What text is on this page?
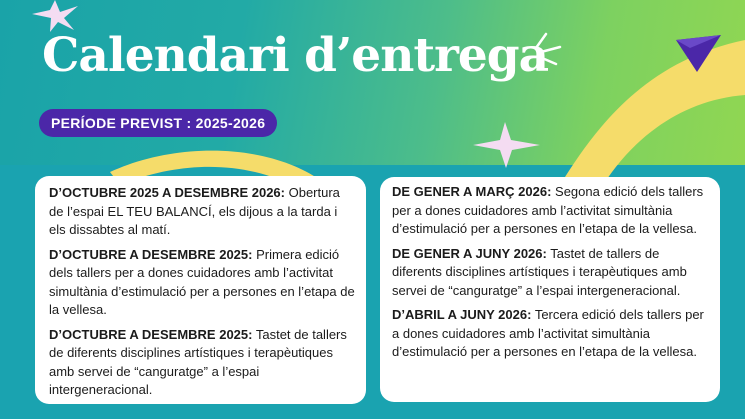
Calendari d’entrega
PERÍODE PREVIST : 2025-2026
D’OCTUBRE 2025 A DESEMBRE 2026: Obertura de l’espai EL TEU BALANCÍ, els dijous a la tarda i els dissabtes al matí.
D’OCTUBRE A DESEMBRE 2025: Primera edició dels tallers per a dones cuidadores amb l’activitat simultània d’estimulació per a persones en l’etapa de la vellesa.
D’OCTUBRE A DESEMBRE 2025: Tastet de tallers de diferents disciplines artístiques i terapèutiques amb servei de “canguratge” a l’espai intergeneracional.
DE GENER A MARÇ 2026: Segona edició dels tallers per a dones cuidadores amb l’activitat simultània d’estimulació per a persones en l’etapa de la vellesa.
DE GENER A JUNY 2026: Tastet de tallers de diferents disciplines artístiques i terapèutiques amb servei de “canguratge” a l’espai intergeneracional.
D’ABRIL A JUNY 2026: Tercera edició dels tallers per a dones cuidadores amb l’activitat simultània d’estimulació per a persones en l’etapa de la vellesa.
